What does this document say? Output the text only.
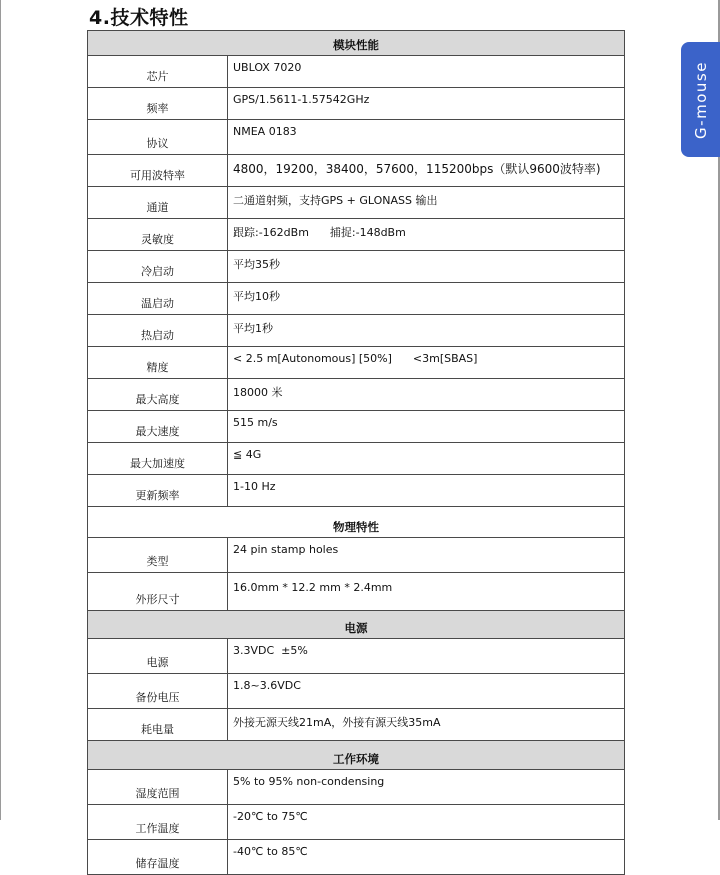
4.技术特性
G-mouse
模块性能	
芯片	UBLOX 7020
频率	GPS/1.5611-1.57542GHz
协议	NMEA 0183
可用波特率	4800，19200，38400，57600，115200bps（默认9600波特率)
通道	二通道射频，支持GPS + GLONASS 输出
灵敏度	跟踪:-162dBm      捕捉:-148dBm
冷启动	平均35秒
温启动	平均10秒
热启动	平均1秒
精度	< 2.5 m[Autonomous] [50%]      <3m[SBAS]
最大高度	18000 米
最大速度	515 m/s
最大加速度	≦ 4G
更新频率	1-10 Hz
物理特性	
类型	24 pin stamp holes
外形尺寸	16.0mm * 12.2 mm * 2.4mm
电源	
电源	3.3VDC  ±5%
备份电压	1.8~3.6VDC
耗电量	外接无源天线21mA，外接有源天线35mA
工作环境	
湿度范围	5% to 95% non-condensing
工作温度	-20℃ to 75℃
储存温度	-40℃ to 85℃
